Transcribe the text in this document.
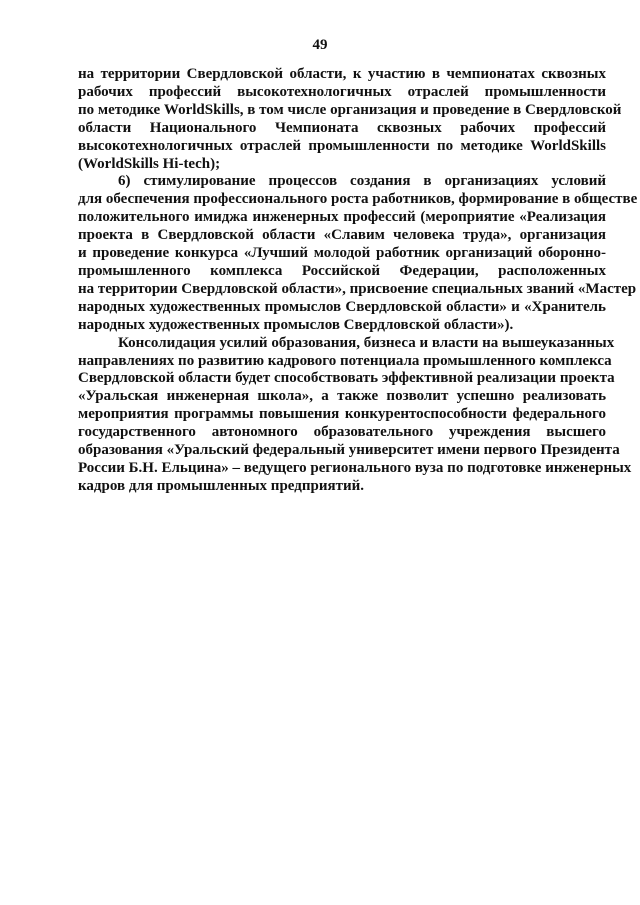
49

на территории Свердловской области, к участию в чемпионатах сквозных
рабочих профессий высокотехнологичных отраслей промышленности
по методике WorldSkills, в том числе организация и проведение в Свердловской
области Национального Чемпионата сквозных рабочих профессий
высокотехнологичных отраслей промышленности по методике WorldSkills
(WorldSkills Hi-tech);

6) стимулирование процессов создания в организациях условий
для обеспечения профессионального роста работников, формирование в обществе
положительного имиджа инженерных профессий (мероприятие «Реализация
проекта в Свердловской области «Славим человека труда», организация
и проведение конкурса «Лучший молодой работник организаций оборонно-
промышленного комплекса Российской Федерации, расположенных
на территории Свердловской области», присвоение специальных званий «Мастер
народных художественных промыслов Свердловской области» и «Хранитель
народных художественных промыслов Свердловской области»).

Консолидация усилий образования, бизнеса и власти на вышеуказанных
направлениях по развитию кадрового потенциала промышленного комплекса
Свердловской области будет способствовать эффективной реализации проекта
«Уральская инженерная школа», а также позволит успешно реализовать
мероприятия программы повышения конкурентоспособности федерального
государственного автономного образовательного учреждения высшего
образования «Уральский федеральный университет имени первого Президента
России Б.Н. Ельцина» – ведущего регионального вуза по подготовке инженерных
кадров для промышленных предприятий.
